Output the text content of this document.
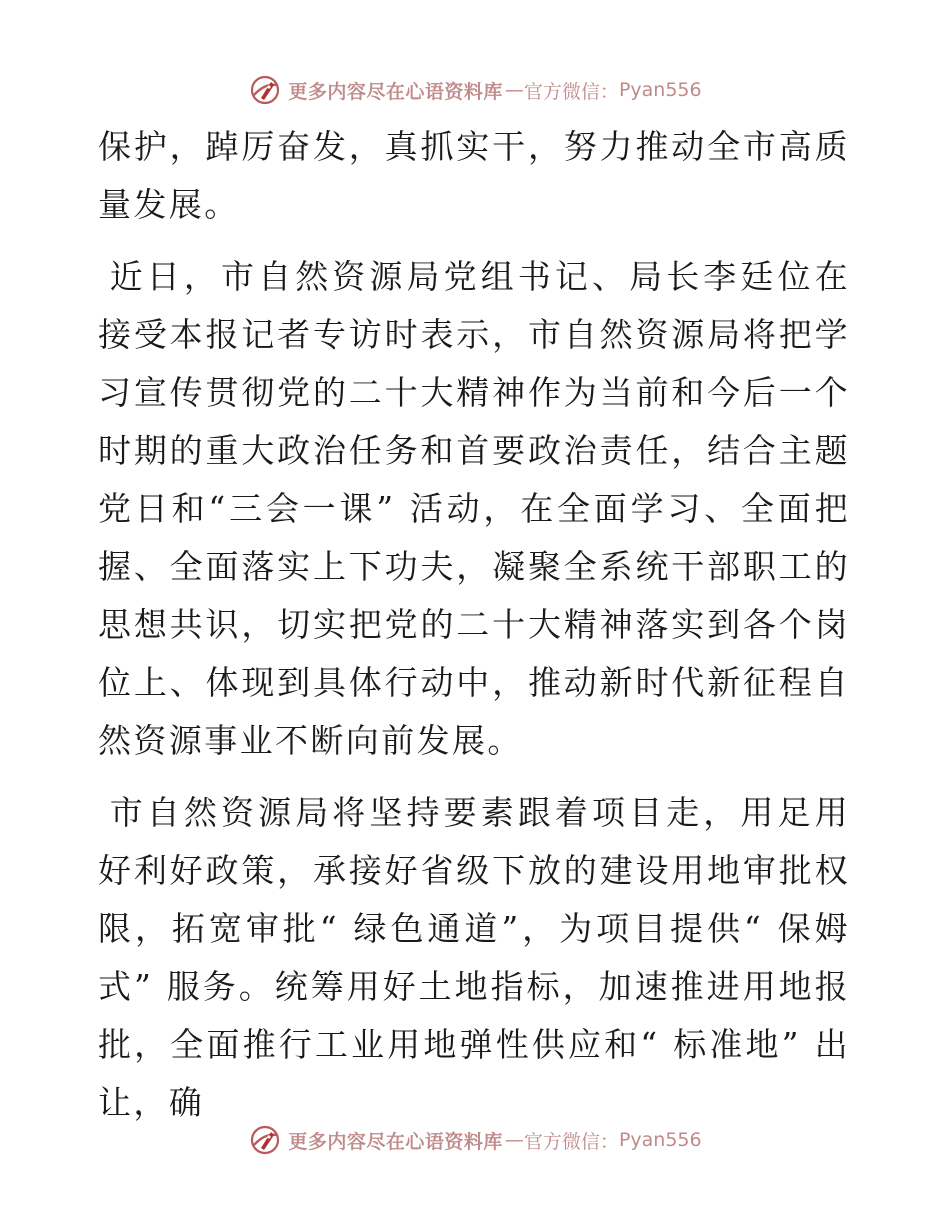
更多内容尽在心语资料库 — 官方微信： Pyan556

保护，踔厉奋发，真抓实干，努力推动全市高质量发展。

近日，市自然资源局党组书记、局长李廷位在接受本报记者专访时表示，市自然资源局将把学习宣传贯彻党的二十大精神作为当前和今后一个时期的重大政治任务和首要政治责任，结合主题党日和“三会一课” 活动，在全面学习、全面把握、全面落实上下功夫，凝聚全系统干部职工的思想共识，切实把党的二十大精神落实到各个岗位上、体现到具体行动中，推动新时代新征程自然资源事业不断向前发展。

市自然资源局将坚持要素跟着项目走，用足用好利好政策，承接好省级下放的建设用地审批权限，拓宽审批“ 绿色通道”，为项目提供“ 保姆式” 服务。统筹用好土地指标，加速推进用地报批，全面推行工业用地弹性供应和“ 标准地” 出让，确

更多内容尽在心语资料库 — 官方微信： Pyan556
